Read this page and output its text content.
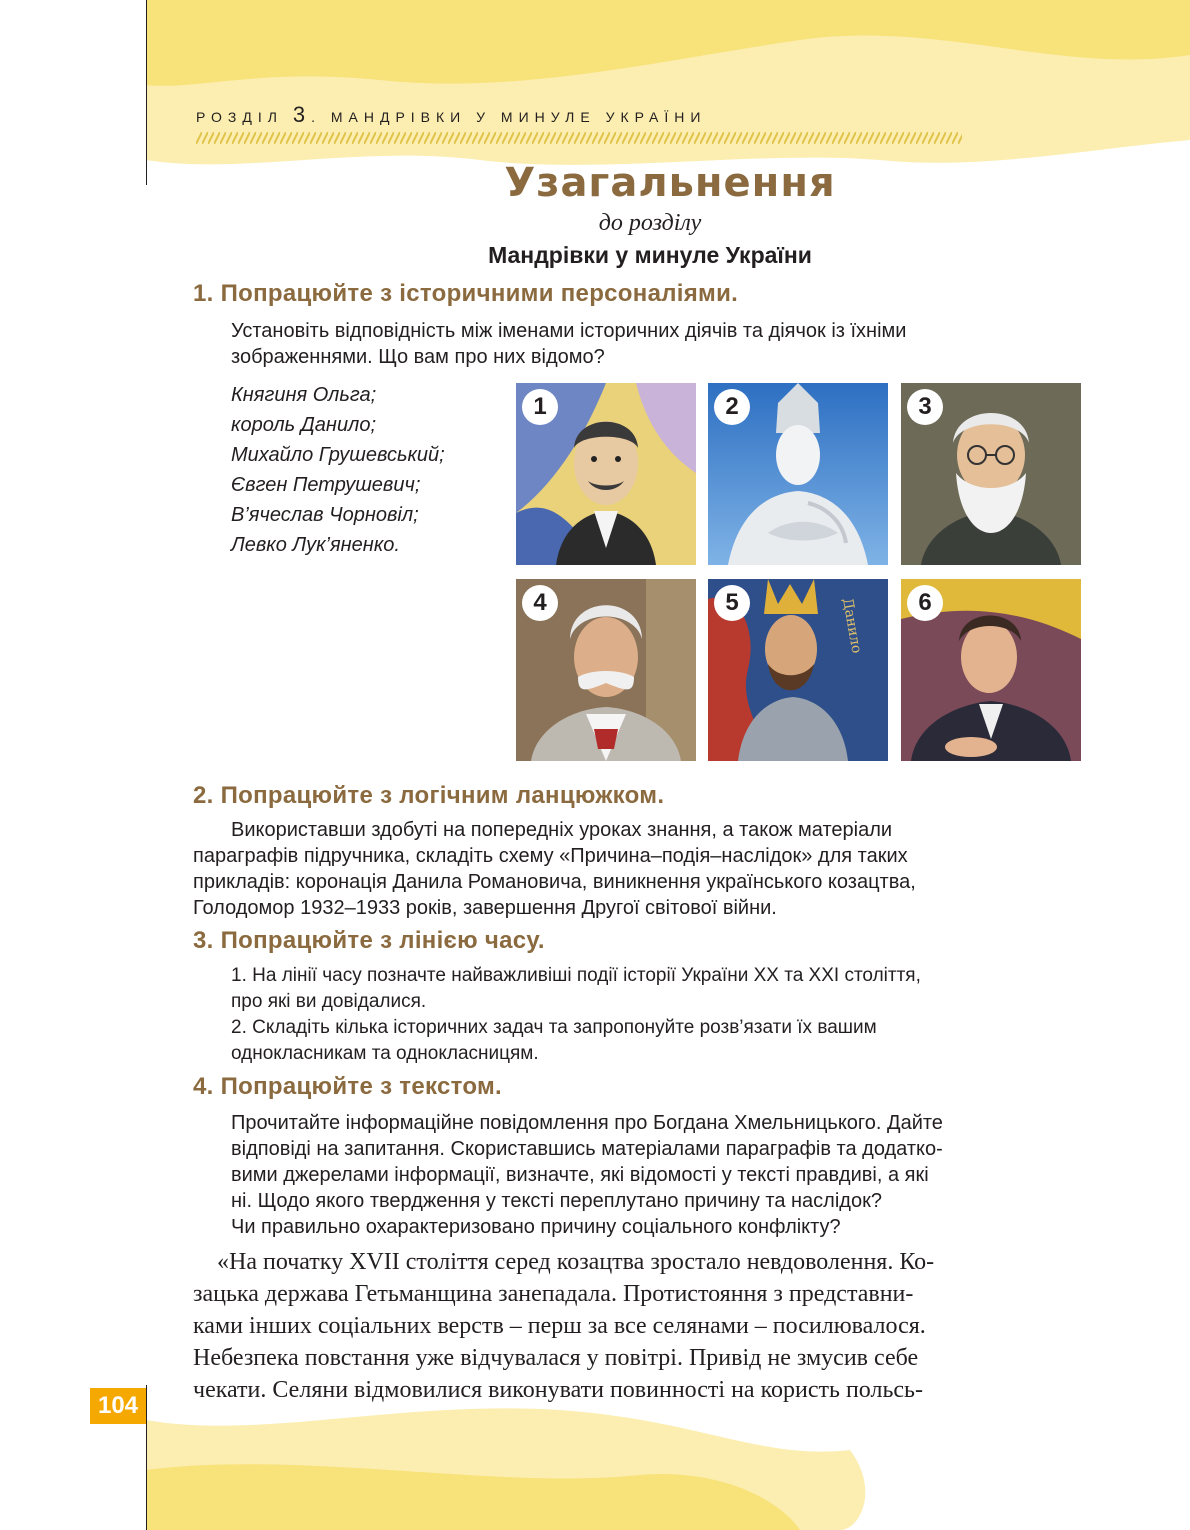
РОЗДІЛ 3. МАНДРІВКИ У МИНУЛЕ УКРАЇНИ
Узагальнення
до розділу
Мандрівки у минуле України
1. Попрацюйте з історичними персоналіями.
Установіть відповідність між іменами історичних діячів та діячок із їхніми
зображеннями. Що вам про них відомо?
Княгиня Ольга;
король Данило;
Михайло Грушевський;
Євген Петрушевич;
В’ячеслав Чорновіл;
Левко Лук’яненко.
1	2	3
4	Данило
5	6
2. Попрацюйте з логічним ланцюжком.
Використавши здобуті на попередніх уроках знання, а також матеріали
параграфів підручника, складіть схему «Причина–подія–наслідок» для таких
прикладів: коронація Данила Романовича, виникнення українського козацтва,
Голодомор 1932–1933 років, завершення Другої світової війни.
3. Попрацюйте з лінією часу.
1. На лінії часу позначте найважливіші події історії України XX та XXI століття,
про які ви довідалися.
2. Складіть кілька історичних задач та запропонуйте розв’язати їх вашим
однокласникам та однокласницям.
4. Попрацюйте з текстом.
Прочитайте інформаційне повідомлення про Богдана Хмельницького. Дайте
відповіді на запитання. Скориставшись матеріалами параграфів та додатко-
вими джерелами інформації, визначте, які відомості у тексті правдиві, а які
ні. Щодо якого твердження у тексті переплутано причину та наслідок?
Чи правильно охарактеризовано причину соціального конфлікту?
«На початку XVII століття серед козацтва зростало невдоволення. Ко-
зацька держава Гетьманщина занепадала. Протистояння з представни-
ками інших соціальних верств – перш за все селянами – посилювалося.
Небезпека повстання уже відчувалася у повітрі. Привід не змусив себе
чекати. Селяни відмовилися виконувати повинності на користь польсь-
104
